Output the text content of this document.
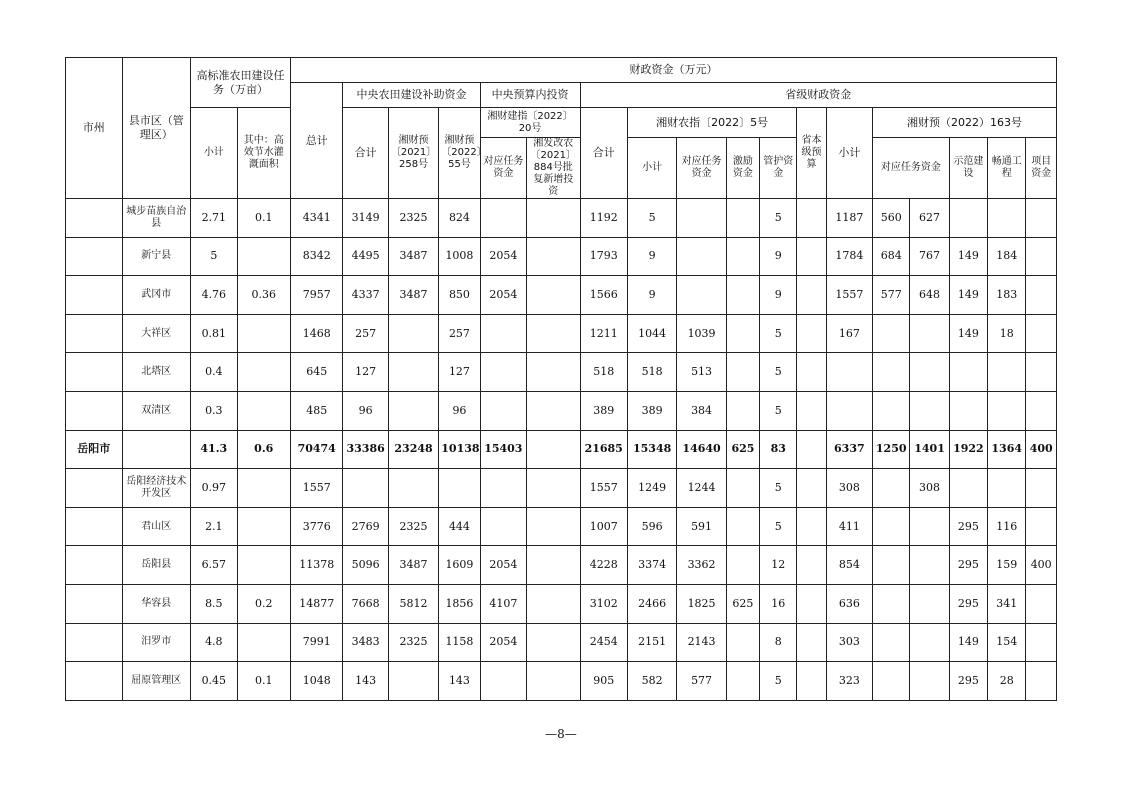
市州	县市区（管理区）	高标准农田建设任务（万亩）		财政资金（万元）																	
				总计	中央农田建设补助资金			中央预算内投资		省级财政资金											
		小计	其中：高效节水灌溉面积		合计	湘财预〔2021〕258号	湘财预〔2022〕55号	湘财建指〔2022〕20号		合计	湘财农指〔2022〕5号				省本级预算	小计	湘财预（2022）163号				
								对应任务资金	湘发改农〔2021〕884号批复新增投资		小计	对应任务资金	激励资金	管护资金			对应任务资金		示范建设	畅通工程	项目资金
	城步苗族自治县	2.71	0.1	4341	3149	2325	824			1192	5			5		1187	560	627			
	新宁县	5		8342	4495	3487	1008	2054		1793	9			9		1784	684	767	149	184	
	武冈市	4.76	0.36	7957	4337	3487	850	2054		1566	9			9		1557	577	648	149	183	
	大祥区	0.81		1468	257		257			1211	1044	1039		5		167			149	18	
	北塔区	0.4		645	127		127			518	518	513		5							
	双清区	0.3		485	96		96			389	389	384		5							
岳阳市		41.3	0.6	70474	33386	23248	10138	15403		21685	15348	14640	625	83		6337	1250	1401	1922	1364	400
	岳阳经济技术开发区	0.97		1557						1557	1249	1244		5		308		308			
	君山区	2.1		3776	2769	2325	444			1007	596	591		5		411			295	116	
	岳阳县	6.57		11378	5096	3487	1609	2054		4228	3374	3362		12		854			295	159	400
	华容县	8.5	0.2	14877	7668	5812	1856	4107		3102	2466	1825	625	16		636			295	341	
	汨罗市	4.8		7991	3483	2325	1158	2054		2454	2151	2143		8		303			149	154	
	屈原管理区	0.45	0.1	1048	143		143			905	582	577		5		323			295	28	
—8—
